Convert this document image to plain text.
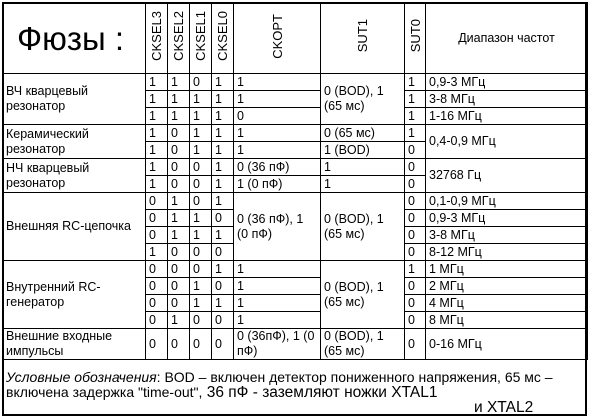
Фюзы :	CKSEL3	CKSEL2	CKSEL1	CKSEL0	CKOPT	SUT1	SUT0	Диапазон частот
ВЧ кварцевый резонатор	1	1	0	1	1	0 (BOD), 1 (65 мс)	1	0,9-3 МГц
	1	1	1	1	1		1	3-8 МГц
	1	1	1	1	0		1	1-16 МГц
Керамический резонатор	1	0	1	1	1	0 (65 мс)	1	0,4-0,9 МГц
	1	0	1	1	1	1 (BOD)	0	
НЧ кварцевый резонатор	1	0	0	1	0 (36 пФ)	1	0	32768 Гц
	1	0	0	1	1 (0 пФ)	1	0	
Внешняя RC-цепочка	0	1	0	1	0 (36 пФ), 1 (0 пФ)	0 (BOD), 1 (65 мс)	0	0,1-0,9 МГц
	0	1	1	0			0	0,9-3 МГц
	0	1	1	1			0	3-8 МГц
	1	0	0	0			0	8-12 МГц
Внутренний RC-генератор	0	0	0	1	1	0 (BOD), 1 (65 мс)	1	1 МГц
	0	0	1	0	1		0	2 МГц
	0	0	1	1	1		0	4 МГц
	0	1	0	0	1		0	8 МГц
Внешние входные импульсы	0	0	0	0	0 (36пФ), 1 (0 пФ)	0 (BOD), 1 (65 мс)	0	0-16 МГц
Условные обозначения: BOD – включен детектор пониженного напряжения, 65 мс – включена задержка "time-out", 36 пФ - заземляют ножки XTAL1
и XTAL2
